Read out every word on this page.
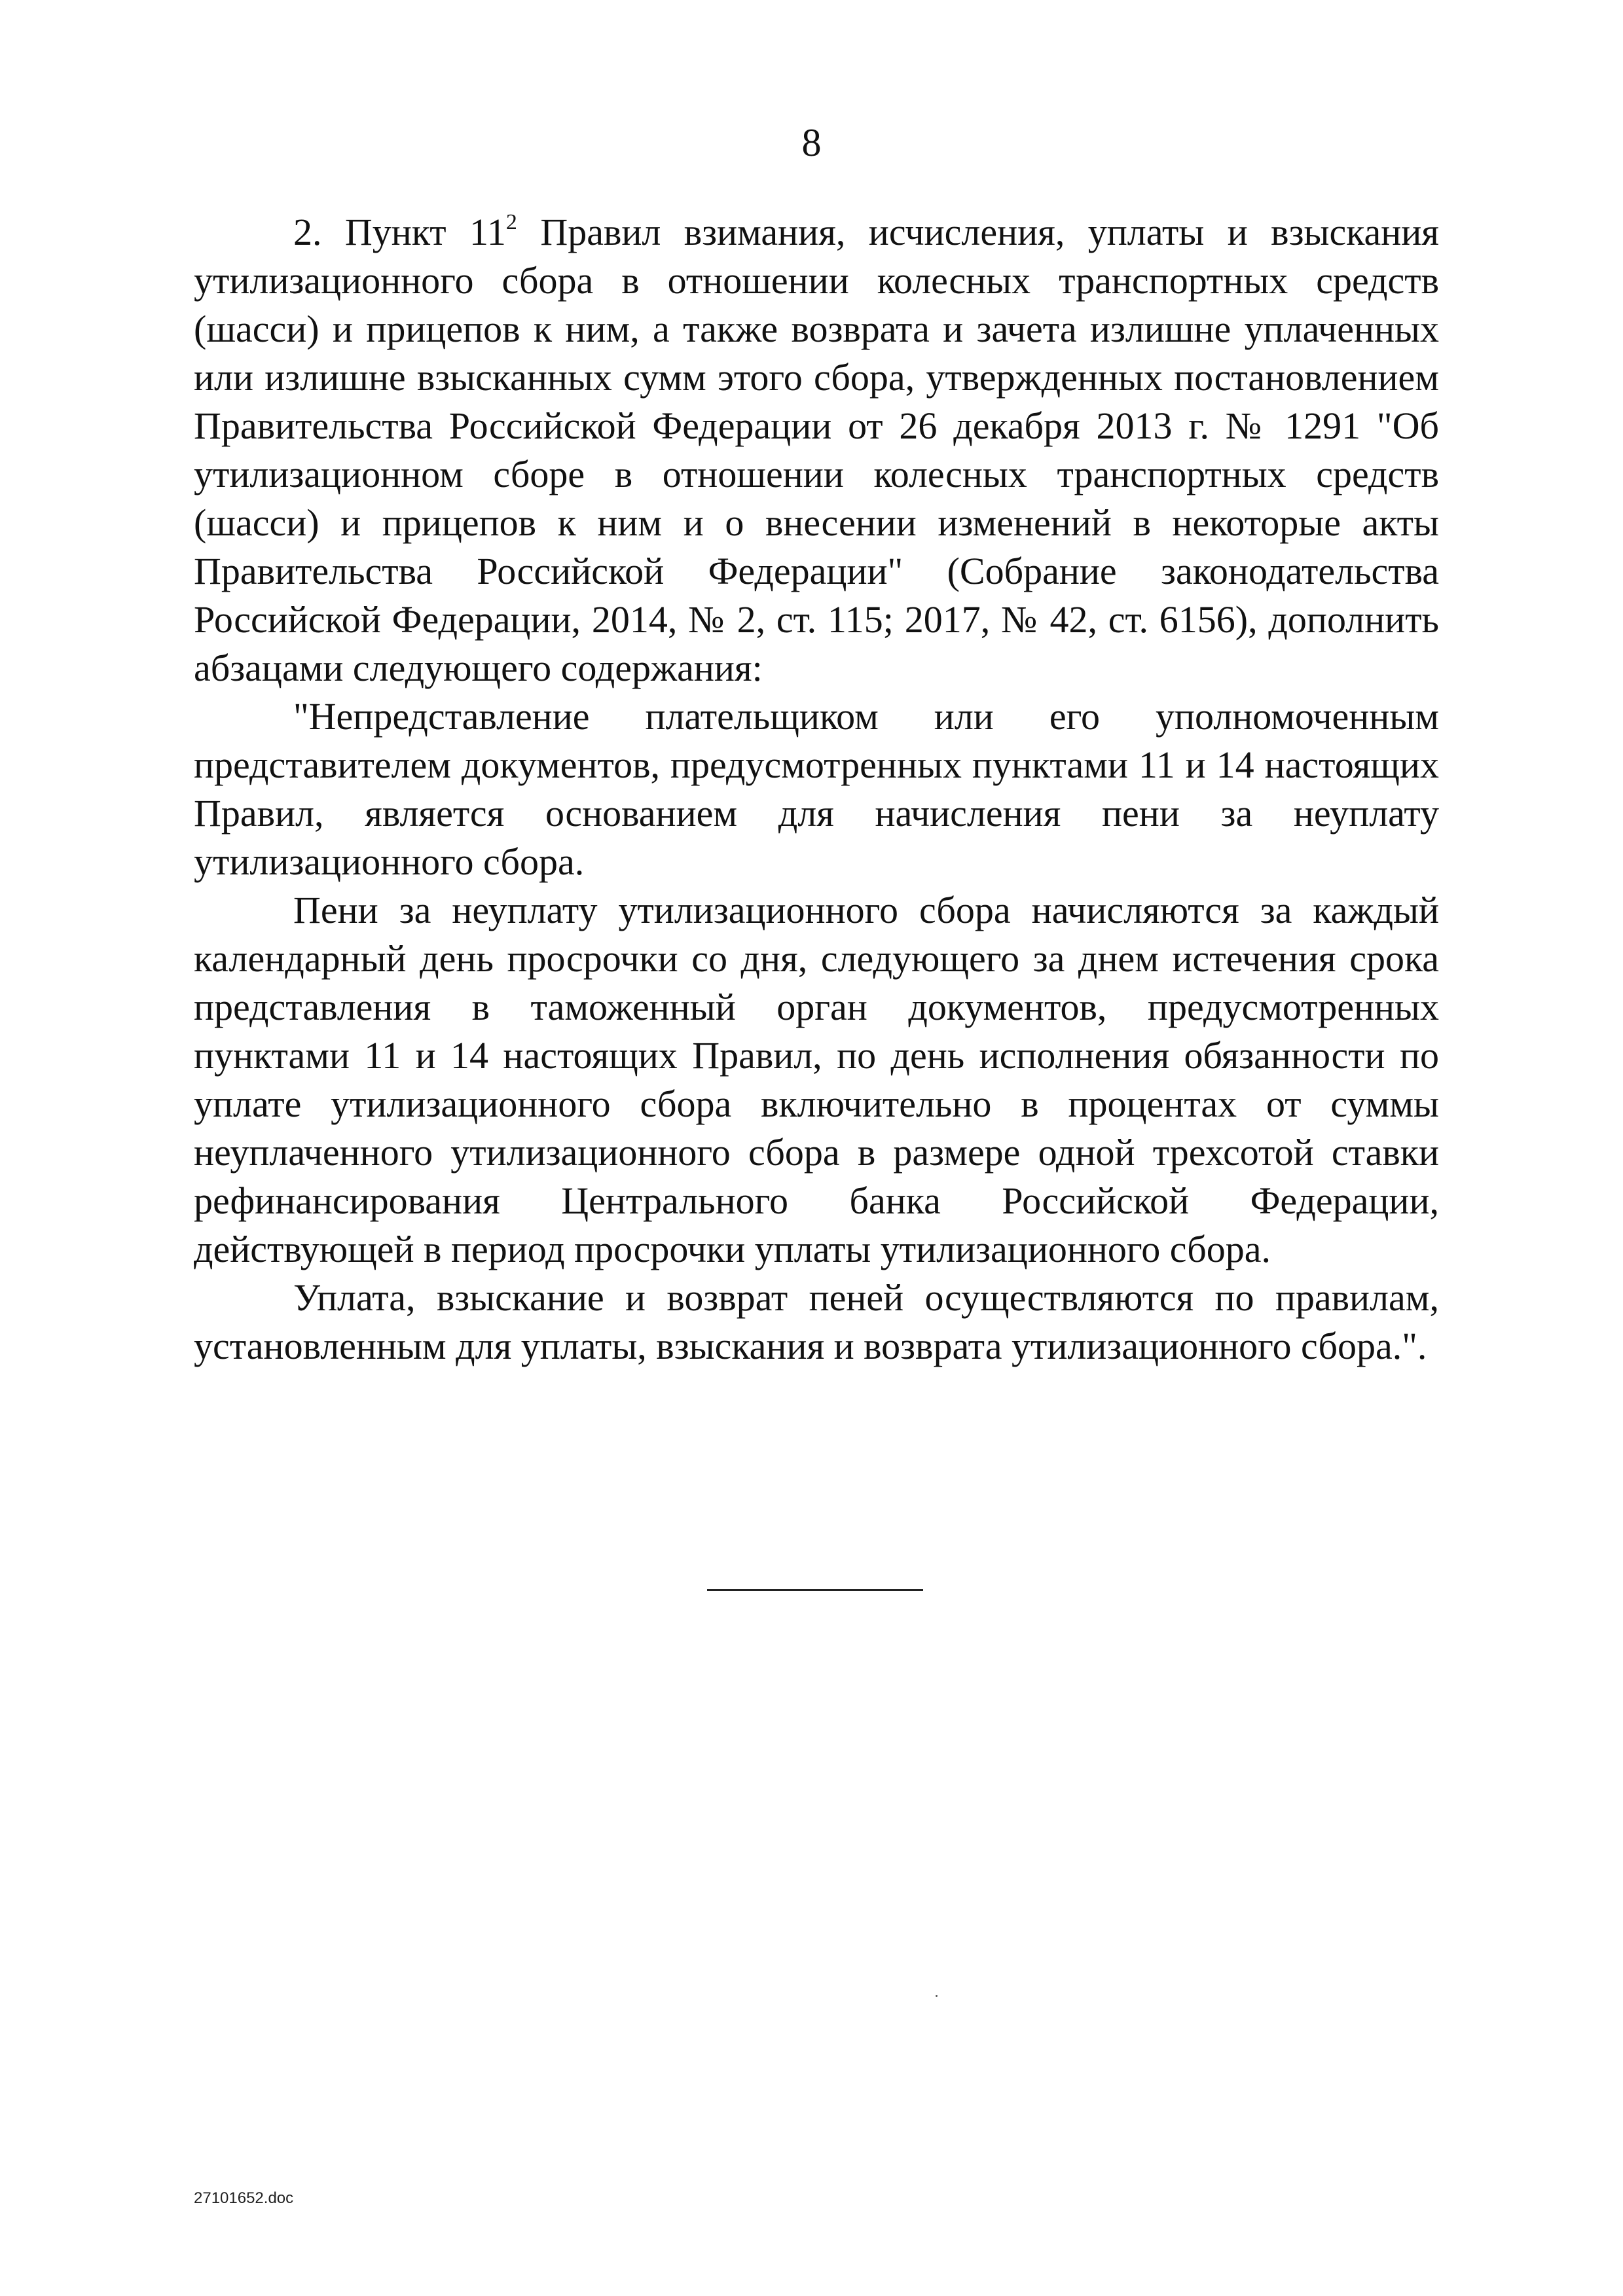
8

2. Пункт $11^2$ Правил взимания, исчисления, уплаты и взыскания утилизационного сбора в отношении колесных транспортных средств (шасси) и прицепов к ним, а также возврата и зачета излишне уплаченных или излишне взысканных сумм этого сбора, утвержденных постановлением Правительства Российской Федерации от 26 декабря 2013 г. № 1291 "Об утилизационном сборе в отношении колесных транспортных средств (шасси) и прицепов к ним и о внесении изменений в некоторые акты Правительства Российской Федерации" (Собрание законодательства Российской Федерации, 2014, № 2, ст. 115; 2017, № 42, ст. 6156), дополнить абзацами следующего содержания:

"Непредставление плательщиком или его уполномоченным представителем документов, предусмотренных пунктами 11 и 14 настоящих Правил, является основанием для начисления пени за неуплату утилизационного сбора.

Пени за неуплату утилизационного сбора начисляются за каждый календарный день просрочки со дня, следующего за днем истечения срока представления в таможенный орган документов, предусмотренных пунктами 11 и 14 настоящих Правил, по день исполнения обязанности по уплате утилизационного сбора включительно в процентах от суммы неуплаченного утилизационного сбора в размере одной трехсотой ставки рефинансирования Центрального банка Российской Федерации, действующей в период просрочки уплаты утилизационного сбора.

Уплата, взыскание и возврат пеней осуществляются по правилам, установленным для уплаты, взыскания и возврата утилизационного сбора.".

27101652.doc
